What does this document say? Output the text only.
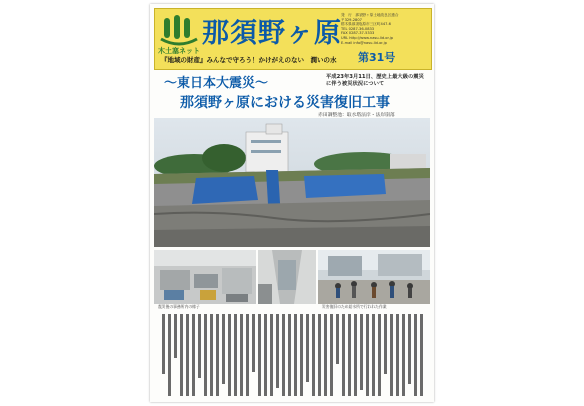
木土塞ネット
那須野ヶ原
『地域の財産』みんなで守ろう！かけがえのない　潤いの水
発　行　那須野ヶ原土地改良区連合
〒329-2807
栃木県那須塩原市三区町447-6
TEL 0287-36-0833
FAX 0287-37-5333
URL http://www.nasu-lid.or.jp
E-mail info@nasu-lid.or.jp
第31号
～東日本大震災～	平成23年3月11日、歴史上最大級の震災に伴う被災状況について
那須野ヶ原における災害復旧工事
赤田調整池：取水塔法岸・法岸崩落
震災後の事務所内の様子	災害復旧のため給水所で行われた作業
